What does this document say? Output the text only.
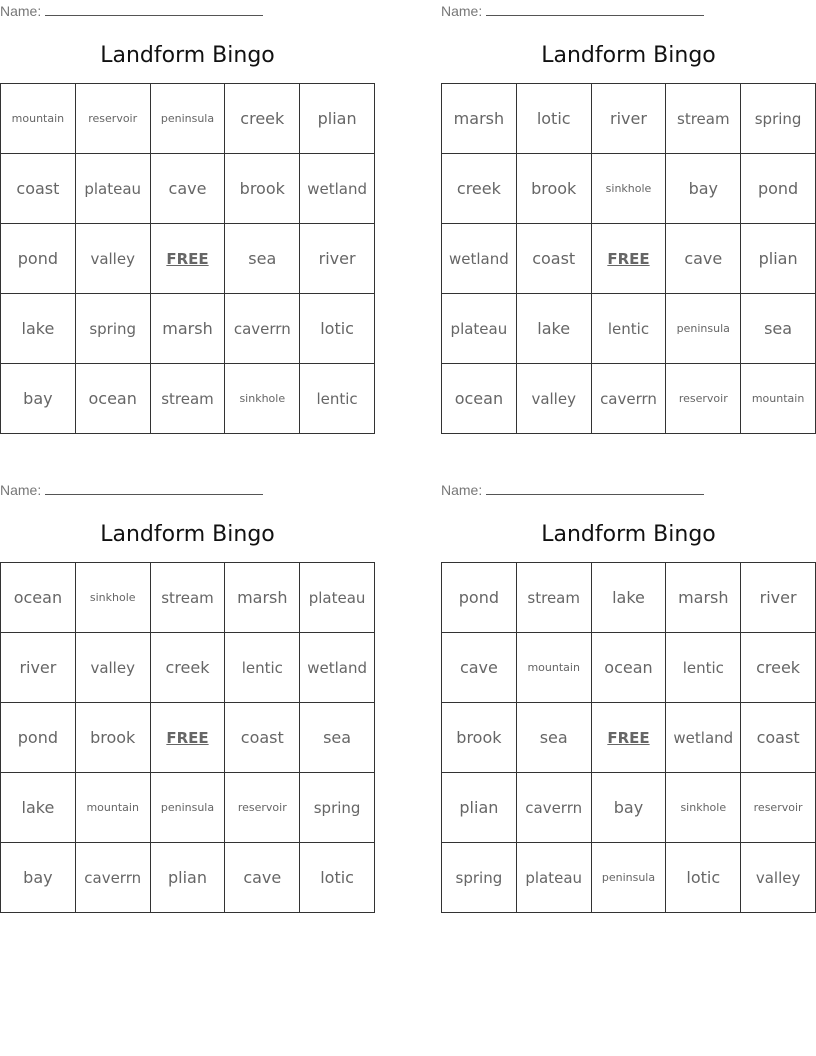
Name:
Landform Bingo
mountain	reservoir	peninsula	creek	plian
coast	plateau	cave	brook	wetland
pond	valley	FREE	sea	river
lake	spring	marsh	caverrn	lotic
bay	ocean	stream	sinkhole	lentic
Name:
Landform Bingo
marsh	lotic	river	stream	spring
creek	brook	sinkhole	bay	pond
wetland	coast	FREE	cave	plian
plateau	lake	lentic	peninsula	sea
ocean	valley	caverrn	reservoir	mountain
Name:
Landform Bingo
ocean	sinkhole	stream	marsh	plateau
river	valley	creek	lentic	wetland
pond	brook	FREE	coast	sea
lake	mountain	peninsula	reservoir	spring
bay	caverrn	plian	cave	lotic
Name:
Landform Bingo
pond	stream	lake	marsh	river
cave	mountain	ocean	lentic	creek
brook	sea	FREE	wetland	coast
plian	caverrn	bay	sinkhole	reservoir
spring	plateau	peninsula	lotic	valley
